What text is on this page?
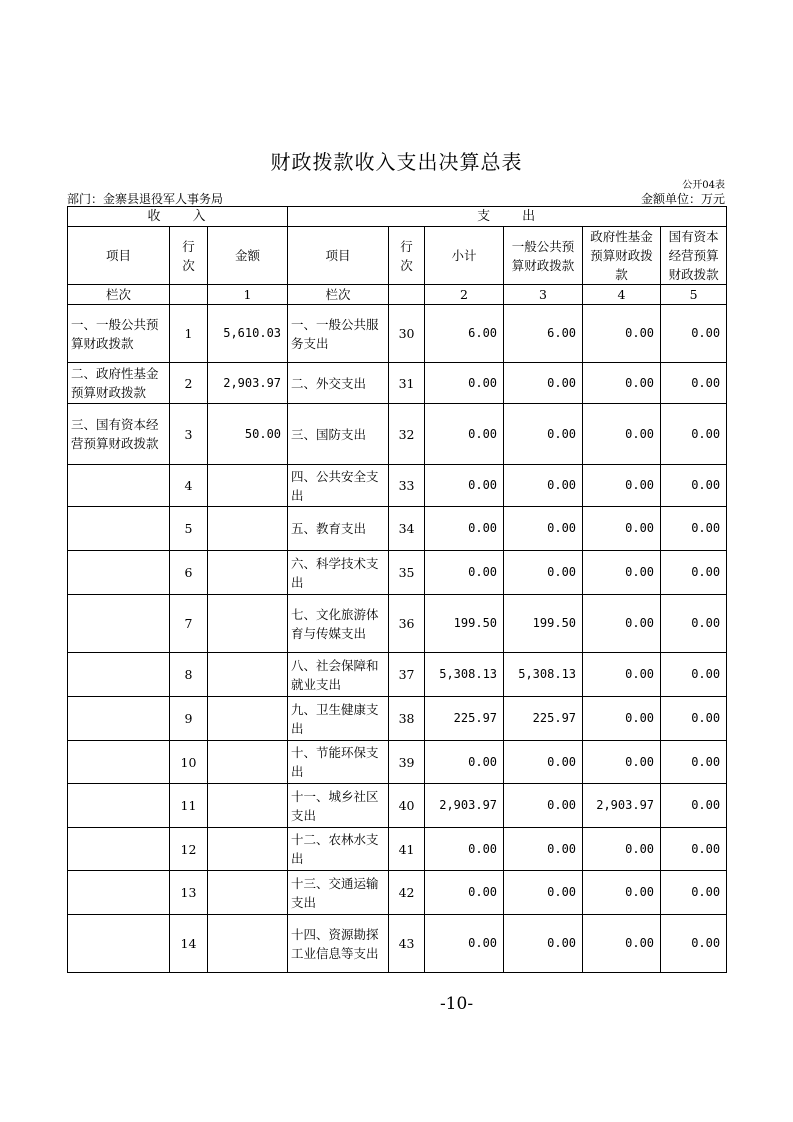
财政拨款收入支出决算总表
公开04表
部门：金寨县退役军人事务局	金额单位：万元
收　　入			支　　出					
项目	行次	金额	项目	行次	小计	一般公共预算财政拨款	政府性基金预算财政拨款	国有资本经营预算财政拨款
栏次		1	栏次		2	3	4	5
一、一般公共预算财政拨款	1	5,610.03	一、一般公共服务支出	30	6.00	6.00	0.00	0.00
二、政府性基金预算财政拨款	2	2,903.97	二、外交支出	31	0.00	0.00	0.00	0.00
三、国有资本经营预算财政拨款	3	50.00	三、国防支出	32	0.00	0.00	0.00	0.00
	4		四、公共安全支出	33	0.00	0.00	0.00	0.00
	5		五、教育支出	34	0.00	0.00	0.00	0.00
	6		六、科学技术支出	35	0.00	0.00	0.00	0.00
	7		七、文化旅游体育与传媒支出	36	199.50	199.50	0.00	0.00
	8		八、社会保障和就业支出	37	5,308.13	5,308.13	0.00	0.00
	9		九、卫生健康支出	38	225.97	225.97	0.00	0.00
	10		十、节能环保支出	39	0.00	0.00	0.00	0.00
	11		十一、城乡社区支出	40	2,903.97	0.00	2,903.97	0.00
	12		十二、农林水支出	41	0.00	0.00	0.00	0.00
	13		十三、交通运输支出	42	0.00	0.00	0.00	0.00
	14		十四、资源勘探工业信息等支出	43	0.00	0.00	0.00	0.00
-10-
